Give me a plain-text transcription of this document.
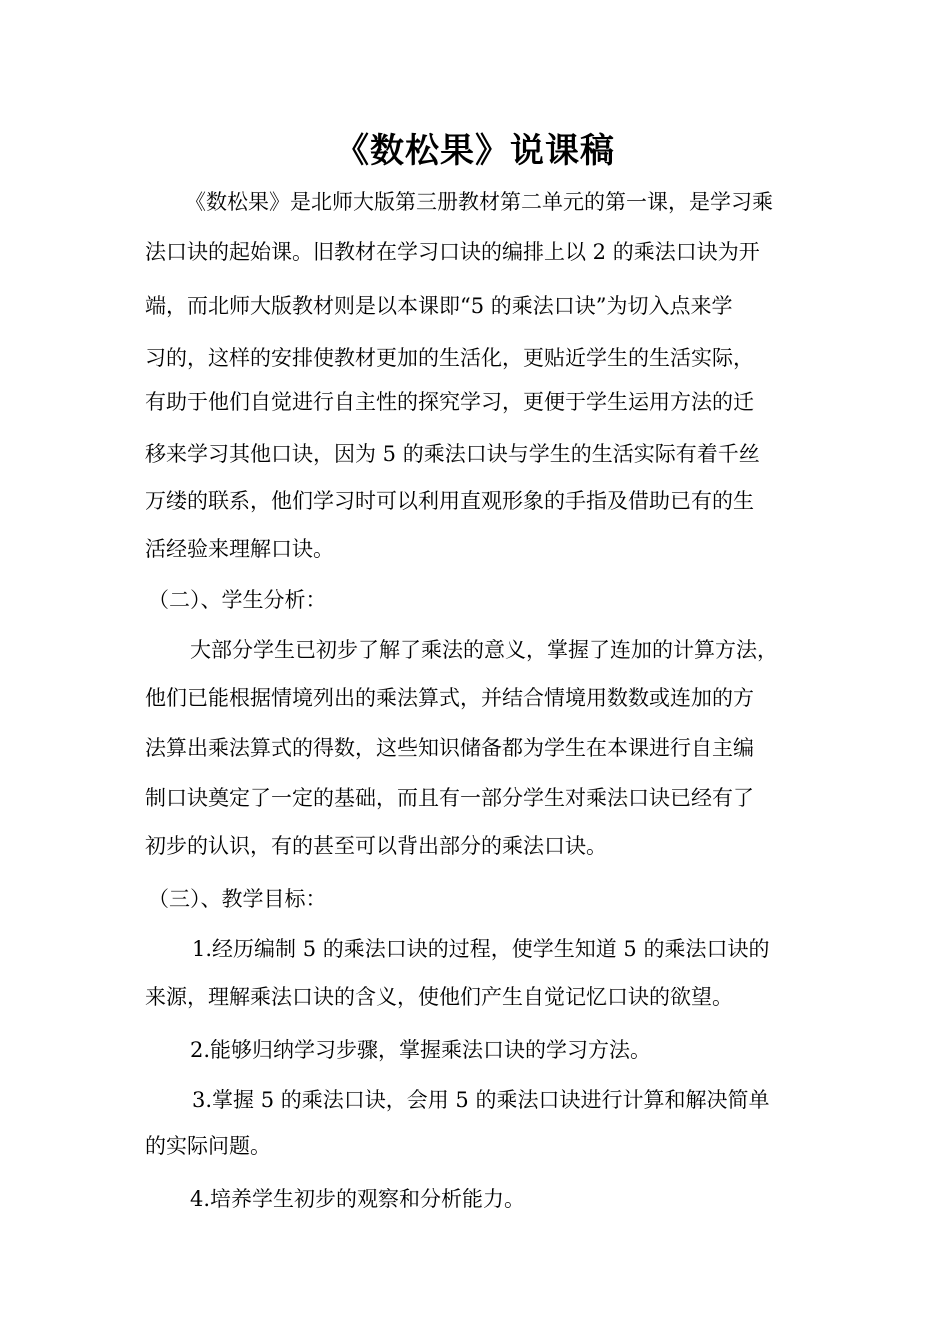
《数松果》说课稿
《数松果》是北师大版第三册教材第二单元的第一课，是学习乘
法口诀的起始课。旧教材在学习口诀的编排上以 2 的乘法口诀为开
端，而北师大版教材则是以本课即“5 的乘法口诀”为切入点来学
习的，这样的安排使教材更加的生活化，更贴近学生的生活实际，
有助于他们自觉进行自主性的探究学习，更便于学生运用方法的迁
移来学习其他口诀，因为 5 的乘法口诀与学生的生活实际有着千丝
万缕的联系，他们学习时可以利用直观形象的手指及借助已有的生
活经验来理解口诀。
（二）、学生分析：
大部分学生已初步了解了乘法的意义，掌握了连加的计算方法，
他们已能根据情境列出的乘法算式，并结合情境用数数或连加的方
法算出乘法算式的得数，这些知识储备都为学生在本课进行自主编
制口诀奠定了一定的基础，而且有一部分学生对乘法口诀已经有了
初步的认识，有的甚至可以背出部分的乘法口诀。
（三）、教学目标：
1.经历编制 5 的乘法口诀的过程，使学生知道 5 的乘法口诀的
来源，理解乘法口诀的含义，使他们产生自觉记忆口诀的欲望。
2.能够归纳学习步骤，掌握乘法口诀的学习方法。
3.掌握 5 的乘法口诀，会用 5 的乘法口诀进行计算和解决简单
的实际问题。
4.培养学生初步的观察和分析能力。
